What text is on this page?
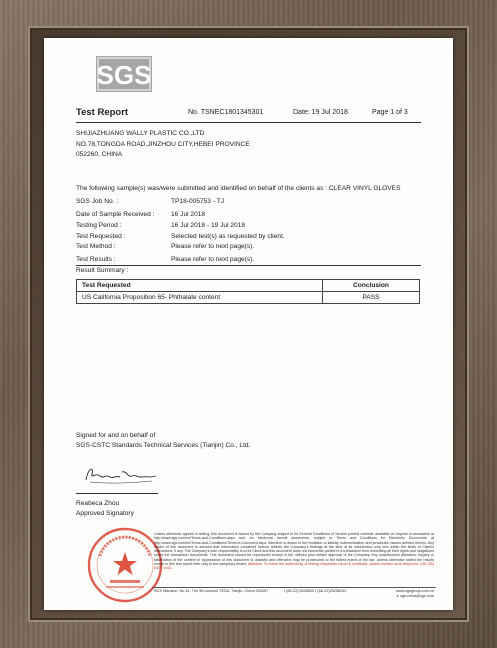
SGS
Test Report	No. TSNEC1801345301	Date: 19 Jul 2018	Page 1 of 3
SHIJIAZHUANG WALLY PLASTIC CO.,LTD
NO.78,TONGDA ROAD,JINZHOU CITY,HEBEI PROVINCE
052260, CHINA
The following sample(s) was/were submitted and identified on behalf of the clients as : CLEAR VINYL GLOVES
SGS Job No. :	TP18-005753 - TJ
Date of Sample Received :	16 Jul 2018
Testing Period :	16 Jul 2018 - 19 Jul 2018
Test Requested :	Selected test(s) as requested by client.
Test Method :	Please refer to next page(s).
Test Results :	Please refer to next page(s).
Result Summary :
Test Requested	Conclusion
US California Proposition 65- Phthalate content	PASS
Signed for and on behalf of
SGS-CSTC Standards Technical Services (Tianjin) Co., Ltd.
Reabeca Zhou
Approved Signatory
Unless otherwise agreed in writing, this document is issued by the Company subject to its General Conditions of Service printed overleaf, available on request or accessible at http://www.sgs.com/en/Terms-and-Conditions.aspx and, for electronic format documents, subject to Terms and Conditions for Electronic Documents at http://www.sgs.com/en/Terms-and-Conditions/Terms-e-Document.aspx. Attention is drawn to the limitation of liability, indemnification and jurisdiction issues defined therein. Any holder of this document is advised that information contained hereon reflects the Company's findings at the time of its intervention only and within the limits of Client's instructions, if any. The Company's sole responsibility is to its Client and this document does not exonerate parties to a transaction from exercising all their rights and obligations under the transaction documents. This document cannot be reproduced except in full, without prior written approval of the Company. Any unauthorized alteration, forgery or falsification of the content or appearance of this document is unlawful and offenders may be prosecuted to the fullest extent of the law. Unless otherwise stated the results shown in this test report refer only to the sample(s) tested. Attention: To check the authenticity of testing /inspection report & certificate, please contact us at telephone: (86-755) 8307 1443,
SGS Mansion, No.41, The 5th Avenue TEDA, Tianjin, China 300457	t (86-22) 6528000 f (86-22)25256252	www.sgsgroup.com.cn
e sgs.china@sgs.com
